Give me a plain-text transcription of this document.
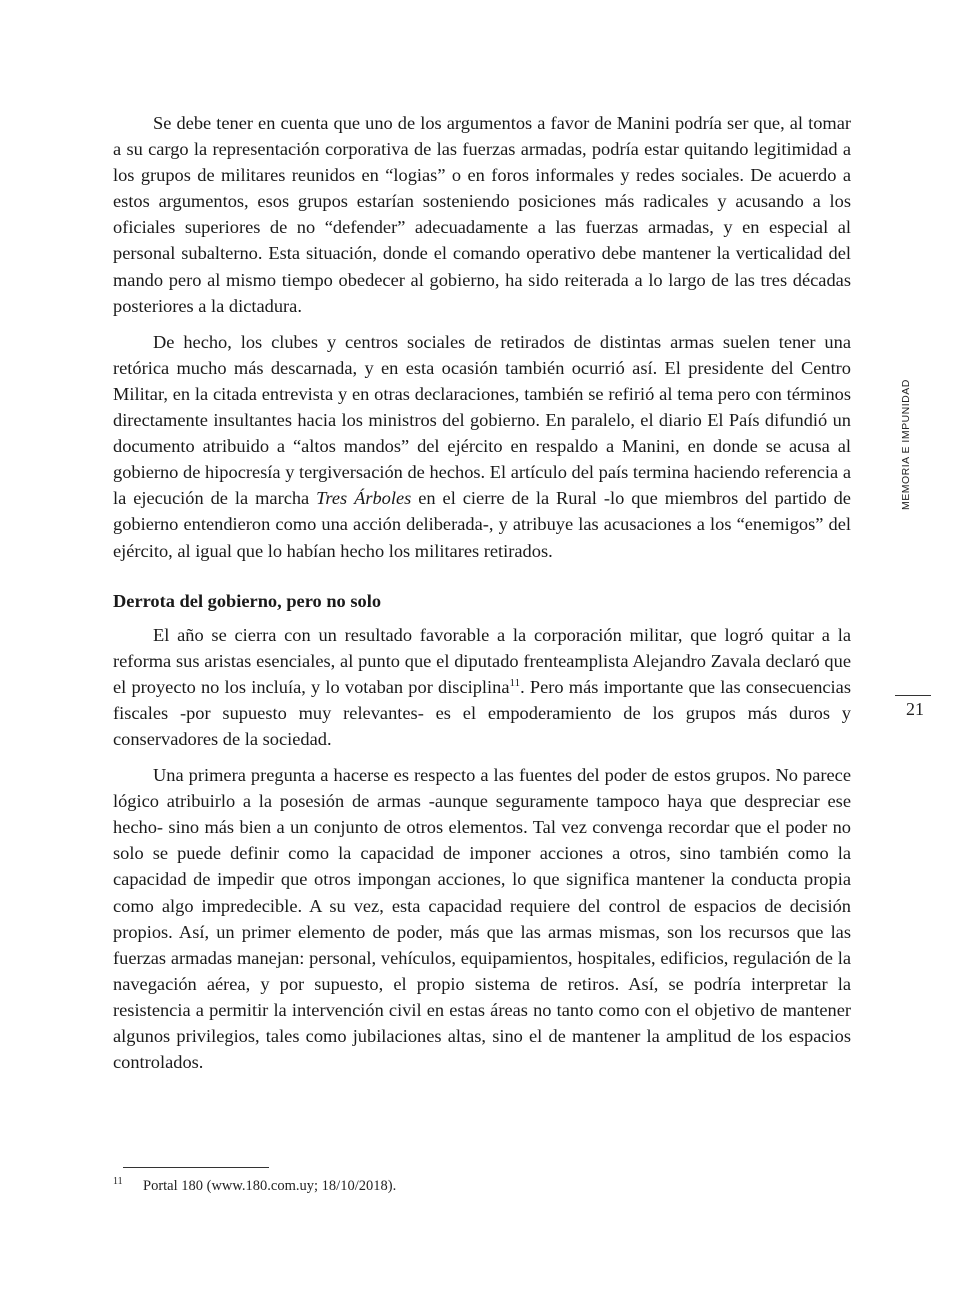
Se debe tener en cuenta que uno de los argumentos a favor de Manini podría ser que, al tomar a su cargo la representación corporativa de las fuerzas armadas, podría estar quitando legitimidad a los grupos de militares reunidos en “logias” o en foros informales y redes sociales. De acuerdo a estos argumentos, esos grupos estarían sosteniendo posiciones más radicales y acusando a los oficiales superiores de no “defender” adecuadamente a las fuerzas armadas, y en especial al personal subalterno. Esta situación, donde el comando operativo debe mantener la verticalidad del mando pero al mismo tiempo obedecer al gobierno, ha sido reiterada a lo largo de las tres décadas posteriores a la dictadura.

De hecho, los clubes y centros sociales de retirados de distintas armas suelen tener una retórica mucho más descarnada, y en esta ocasión también ocurrió así. El presidente del Centro Militar, en la citada entrevista y en otras declaraciones, también se refirió al tema pero con términos directamente insultantes hacia los ministros del gobierno. En paralelo, el diario El País difundió un documento atribuido a “altos mandos” del ejército en respaldo a Manini, en donde se acusa al gobierno de hipocresía y tergiversación de hechos. El artículo del país termina haciendo referencia a la ejecución de la marcha Tres Árboles en el cierre de la Rural -lo que miembros del partido de gobierno entendieron como una acción deliberada-, y atribuye las acusaciones a los “enemigos” del ejército, al igual que lo habían hecho los militares retirados.

Derrota del gobierno, pero no solo

El año se cierra con un resultado favorable a la corporación militar, que logró quitar a la reforma sus aristas esenciales, al punto que el diputado frenteamplista Alejandro Zavala declaró que el proyecto no los incluía, y lo votaban por disciplina$^{11}$. Pero más importante que las consecuencias fiscales -por supuesto muy relevantes- es el empoderamiento de los grupos más duros y conservadores de la sociedad.

Una primera pregunta a hacerse es respecto a las fuentes del poder de estos grupos. No parece lógico atribuirlo a la posesión de armas -aunque seguramente tampoco haya que despreciar ese hecho- sino más bien a un conjunto de otros elementos. Tal vez convenga recordar que el poder no solo se puede definir como la capacidad de imponer acciones a otros, sino también como la capacidad de impedir que otros impongan acciones, lo que significa mantener la conducta propia como algo impredecible. A su vez, esta capacidad requiere del control de espacios de decisión propios. Así, un primer elemento de poder, más que las armas mismas, son los recursos que las fuerzas armadas manejan: personal, vehículos, equipamientos, hospitales, edificios, regulación de la navegación aérea, y por supuesto, el propio sistema de retiros. Así, se podría interpretar la resistencia a permitir la intervención civil en estas áreas no tanto como con el objetivo de mantener algunos privilegios, tales como jubilaciones altas, sino el de mantener la amplitud de los espacios controlados.

MEMORIA E IMPUNIDAD
21
11 Portal 180 (www.180.com.uy; 18/10/2018).
